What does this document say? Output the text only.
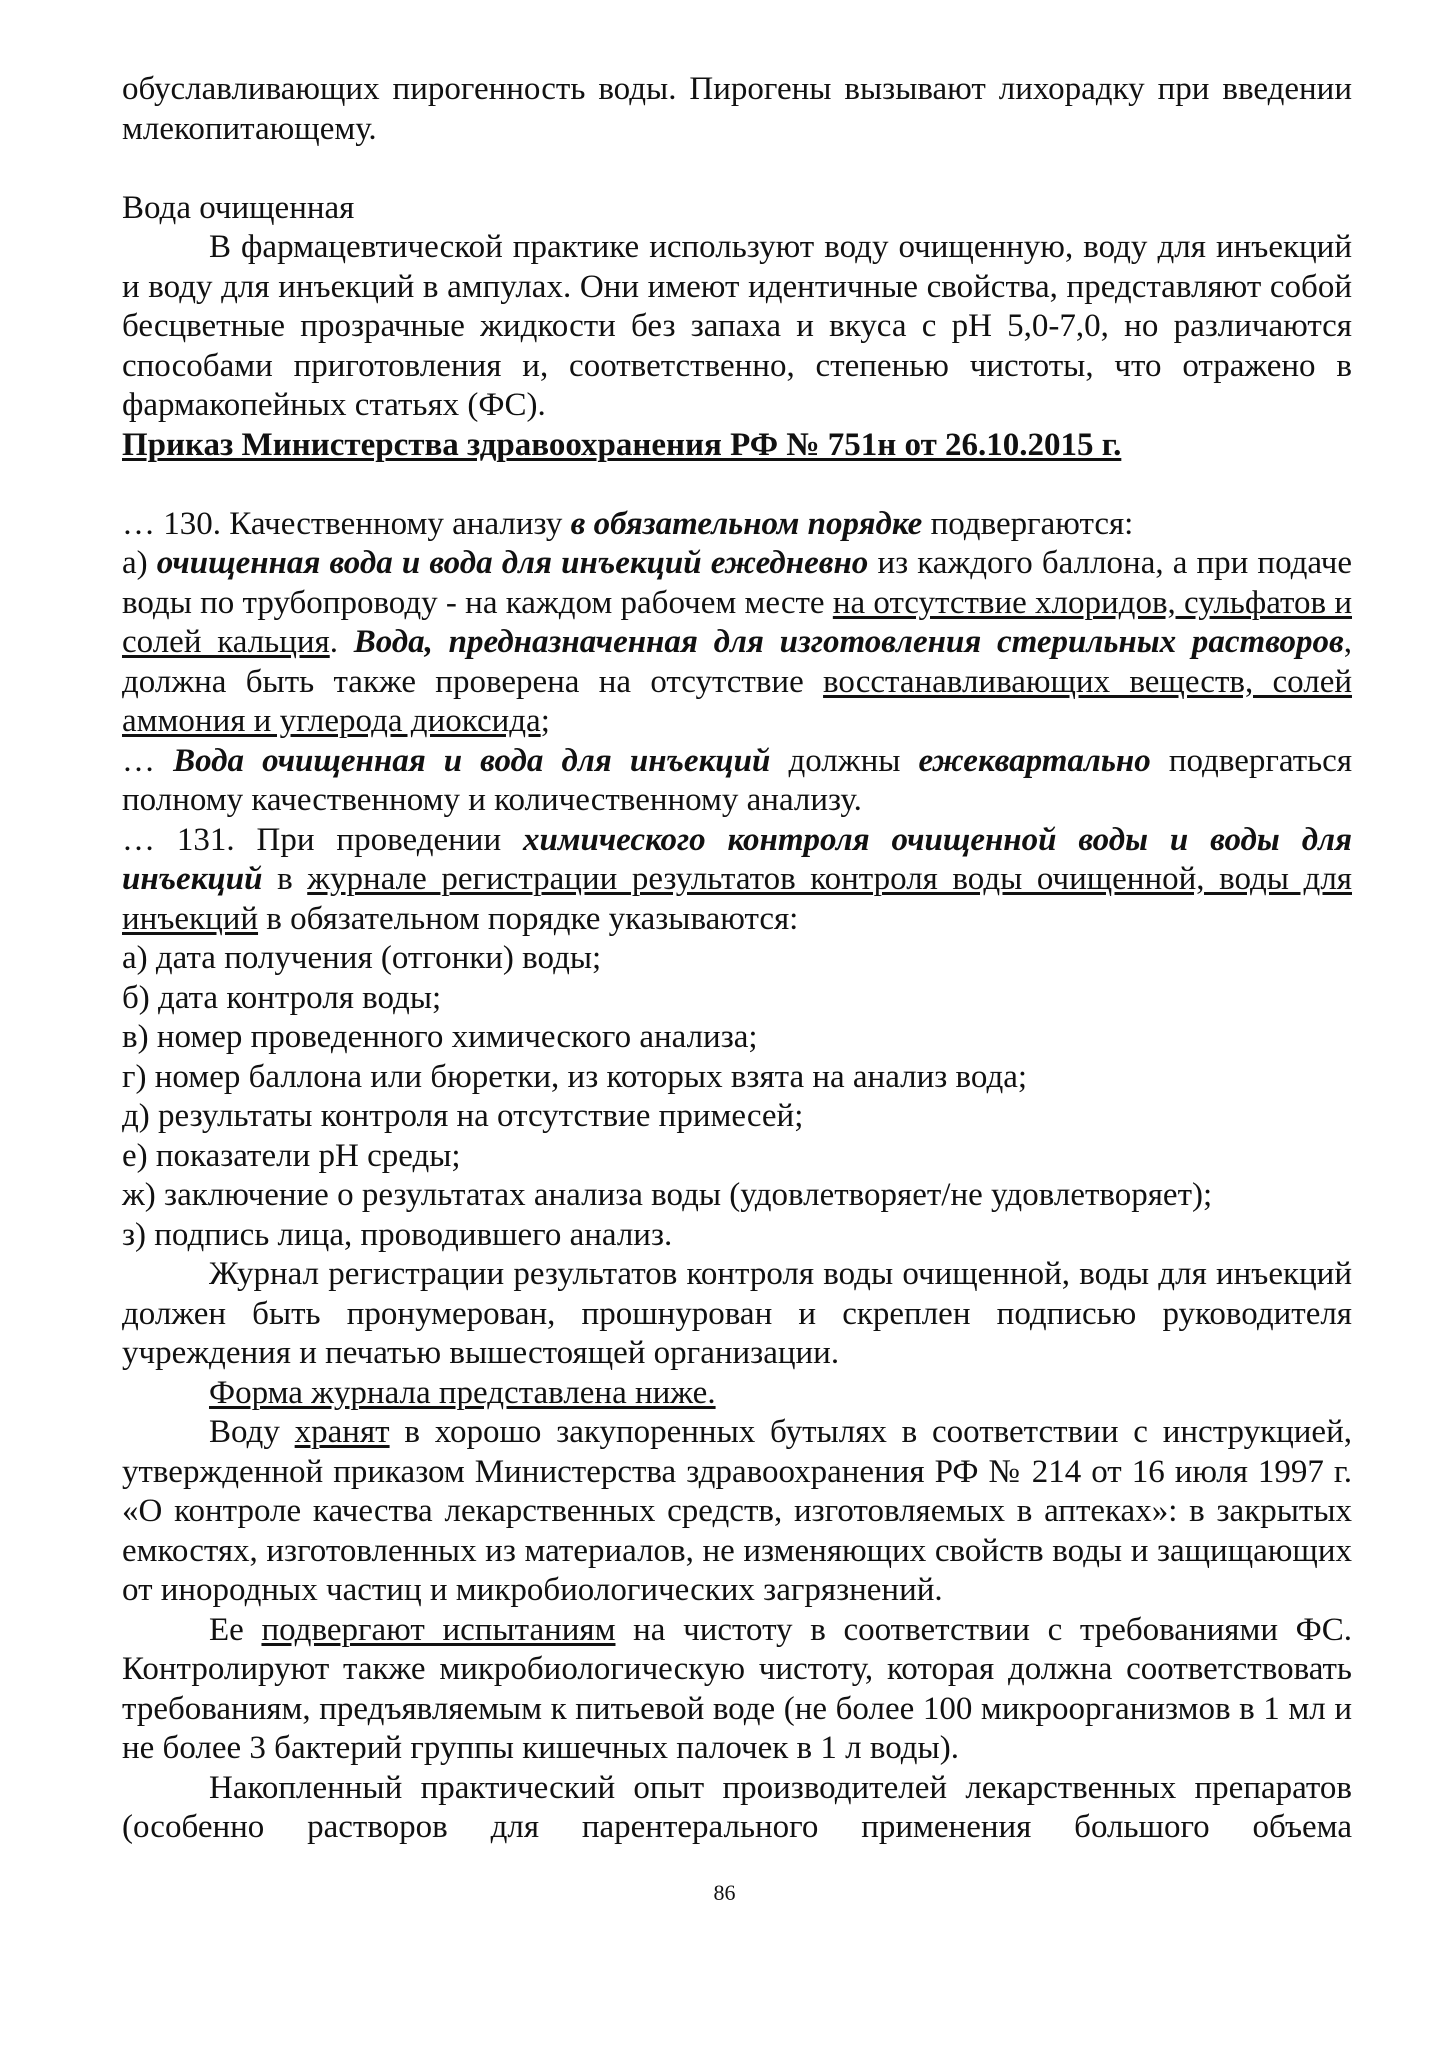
обуславливающих пирогенность воды. Пирогены вызывают лихорадку при введении млекопитающему.

Вода очищенная

В фармацевтической практике используют воду очищенную, воду для инъекций и воду для инъекций в ампулах. Они имеют идентичные свойства, представляют собой бесцветные прозрачные жидкости без запаха и вкуса с pH 5,0-7,0, но различаются способами приготовления и, соответственно, степенью чистоты, что отражено в фармакопейных статьях (ФС).

Приказ Министерства здравоохранения РФ № 751н от 26.10.2015 г.

… 130. Качественному анализу в обязательном порядке подвергаются:

а) очищенная вода и вода для инъекций ежедневно из каждого баллона, а при подаче воды по трубопроводу - на каждом рабочем месте на отсутствие хлоридов, сульфатов и солей кальция. Вода, предназначенная для изготовления стерильных растворов, должна быть также проверена на отсутствие восстанавливающих веществ, солей аммония и углерода диоксида;

… Вода очищенная и вода для инъекций должны ежеквартально подвергаться полному качественному и количественному анализу.

… 131. При проведении химического контроля очищенной воды и воды для инъекций в журнале регистрации результатов контроля воды очищенной, воды для инъекций в обязательном порядке указываются:

а) дата получения (отгонки) воды;

б) дата контроля воды;

в) номер проведенного химического анализа;

г) номер баллона или бюретки, из которых взята на анализ вода;

д) результаты контроля на отсутствие примесей;

е) показатели pH среды;

ж) заключение о результатах анализа воды (удовлетворяет/не удовлетворяет);

з) подпись лица, проводившего анализ.

Журнал регистрации результатов контроля воды очищенной, воды для инъекций должен быть пронумерован, прошнурован и скреплен подписью руководителя учреждения и печатью вышестоящей организации.

Форма журнала представлена ниже.

Воду хранят в хорошо закупоренных бутылях в соответствии с инструкцией, утвержденной приказом Министерства здравоохранения РФ № 214 от 16 июля 1997 г. «О контроле качества лекарственных средств, изготовляемых в аптеках»: в закрытых емкостях, изготовленных из материалов, не изменяющих свойств воды и защищающих от инородных частиц и микробиологических загрязнений.

Ее подвергают испытаниям на чистоту в соответствии с требованиями ФС. Контролируют также микробиологическую чистоту, которая должна соответствовать требованиям, предъявляемым к питьевой воде (не более 100 микроорганизмов в 1 мл и не более 3 бактерий группы кишечных палочек в 1 л воды).

Накопленный практический опыт производителей лекарственных препаратов (особенно растворов для парентерального применения большого объема

86
